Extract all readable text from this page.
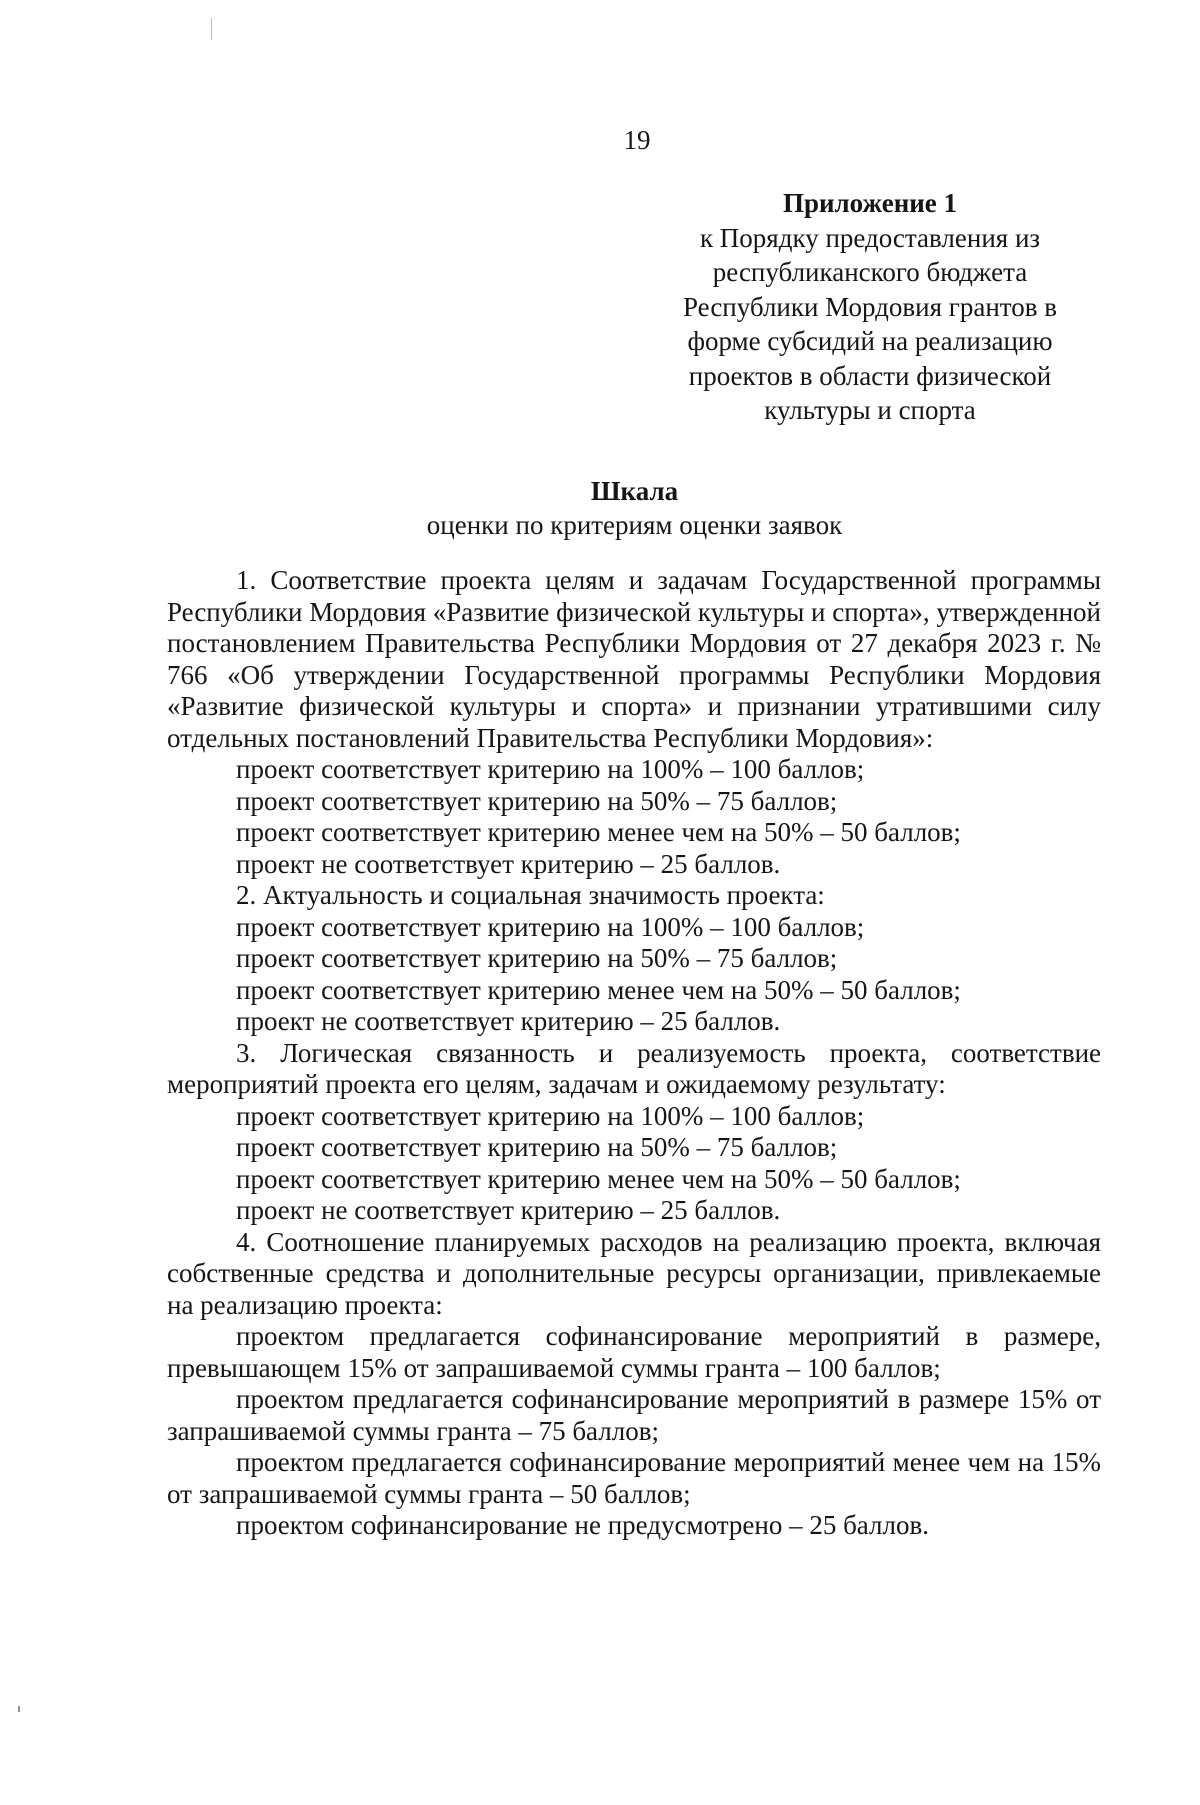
19
Приложение 1
к Порядку предоставления из
республиканского бюджета
Республики Мордовия грантов в
форме субсидий на реализацию
проектов в области физической
культуры и спорта
Шкала
оценки по критериям оценки заявок

1. Соответствие проекта целям и задачам Государственной программы Республики Мордовия «Развитие физической культуры и спорта», утвержденной постановлением Правительства Республики Мордовия от 27 декабря 2023 г. № 766 «Об утверждении Государственной программы Республики Мордовия «Развитие физической культуры и спорта» и признании утратившими силу отдельных постановлений Правительства Республики Мордовия»:

проект соответствует критерию на 100% – 100 баллов;

проект соответствует критерию на 50% – 75 баллов;

проект соответствует критерию менее чем на 50% – 50 баллов;

проект не соответствует критерию – 25 баллов.

2. Актуальность и социальная значимость проекта:

проект соответствует критерию на 100% – 100 баллов;

проект соответствует критерию на 50% – 75 баллов;

проект соответствует критерию менее чем на 50% – 50 баллов;

проект не соответствует критерию – 25 баллов.

3. Логическая связанность и реализуемость проекта, соответствие мероприятий проекта его целям, задачам и ожидаемому результату:

проект соответствует критерию на 100% – 100 баллов;

проект соответствует критерию на 50% – 75 баллов;

проект соответствует критерию менее чем на 50% – 50 баллов;

проект не соответствует критерию – 25 баллов.

4. Соотношение планируемых расходов на реализацию проекта, включая собственные средства и дополнительные ресурсы организации, привлекаемые на реализацию проекта:

проектом предлагается софинансирование мероприятий в размере, превышающем 15% от запрашиваемой суммы гранта – 100 баллов;

проектом предлагается софинансирование мероприятий в размере 15% от запрашиваемой суммы гранта – 75 баллов;

проектом предлагается софинансирование мероприятий менее чем на 15% от запрашиваемой суммы гранта – 50 баллов;

проектом софинансирование не предусмотрено – 25 баллов.
